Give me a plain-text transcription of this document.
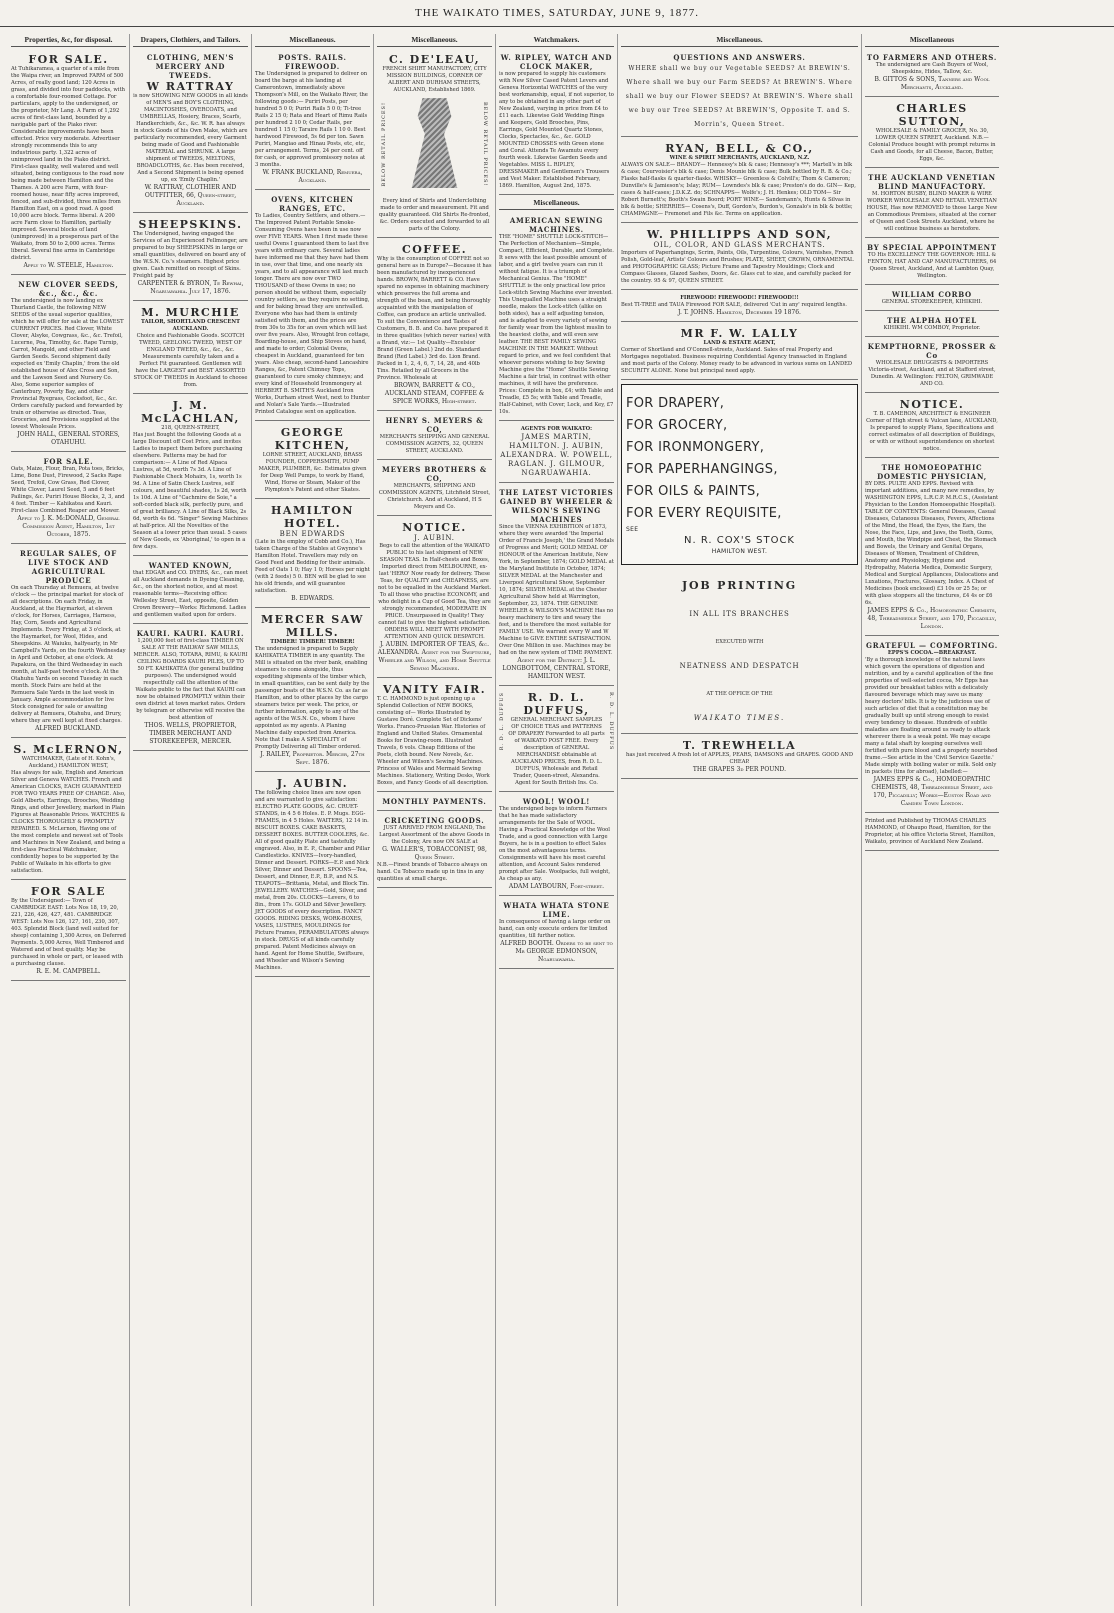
THE WAIKATO TIMES, SATURDAY, JUNE 9, 1877.
Properties, &c, for disposal.
FOR SALE.
At Tuhikaramea, a quarter of a mile from the Waipa river, an Improved FARM of 500 Acres, of really good land; 120 Acres in grass, and divided into four paddocks, with a comfortable four-roomed Cottage. For particulars, apply to the undersigned, or the proprietor, Mr Lang. A Farm of 1,292 acres of first-class land, bounded by a navigable part of the Piako river. Considerable improvements have been effected. Price very moderate. Advertiser strongly recommends this to any industrious party. 1,322 acres of unimproved land in the Piako district. First-class quality, well watered and well situated, being contiguous to the road now being made between Hamilton and the Thames. A 200 acre Farm, with four-roomed house, near fifty acres improved, fenced, and sub-divided, three miles from Hamilton East, on a good road. A good 10,000 acre block. Terms liberal. A 200 acre Farm close to Hamilton, partially improved. Several blocks of land (unimproved) in a prosperous part of the Waikato, from 50 to 2,000 acres. Terms liberal. Several fine arms in Cambridge district.
Apply to W. STEELE, Hamilton.
NEW CLOVER SEEDS, &c., &c., &c.
The undersigned is now landing ex Thurland Castle, the following NEW SEEDS of the usual superior qualities, which he will offer for sale at the LOWEST CURRENT PRICES. Red Clover, White Clover, Alsyke, Cowgrass, &c., &c. Trefoil, Lucerne, Poa, Timothy, &c. Rape Turnip, Carrot, Mangold, and other Field and Garden Seeds. Second shipment daily expected ex 'Emily Chaplin,' from the old established house of Alex Cross and Son, and the Lawson Seed and Nursery Co. Also, Some superior samples of Canterbury, Poverty Bay, and other Provincial Ryegrass, Cocksfoot, &c., &c. Orders carefully packed and forwarded by train or otherwise as directed. Teas, Groceries, and Provisions supplied at the lowest Wholesale Prices.
JOHN HALL, GENERAL STORES, OTAHUHU.
FOR SALE.
Oats, Maize, Flour, Bran, Pota toes, Bricks, Lime, Bone Dust, Firewood, 2 Sacks Rape Seed, Trefoil, Cow Grass, Red Clover, White Clover, Laurel Seed, 5 and 6 feet Pailings, &c. Puriri House Blocks, 2, 3, and 4 feet. Timber — Kahikatea and Kauri. First-class Combined Reaper and Mower.
Apply to J. K. McDONALD, General Commission Agent, Hamilton, 1st October, 1875.
REGULAR SALES, OF LIVE STOCK AND AGRICULTURAL PRODUCE
On each Thursday at Remuera, at twelve o'clock — the principal market for stock of all descriptions. On each Friday, in Auckland, at the Haymarket, at eleven o'clock, for Horses, Carriages, Harness, Hay, Corn, Seeds and Agricultural Implements. Every Friday, at 3 o'clock, at the Haymarket, for Wool, Hides, and Sheepskins. At Waiuku, halfyearly, in Mr Campbell's Yards, on the fourth Wednesday in April and October, at one o'clock. At Papakura, on the third Wednesday in each month, at half-past twelve o'clock. At the Otahuhu Yards on second Tuesday in each month. Stock Fairs are held at the Remuera Sale Yards in the last week in January. Ample accommodation for live Stock consigned for sale or awaiting delivery at Remuera, Otahuhu, and Drury, where they are well kept at fixed charges.
ALFRED BUCKLAND.
S. McLERNON,
WATCHMAKER, (Late of H. Kohn's, Auckland,) HAMILTON WEST,
Has always for sale, English and American Silver and Geneva WATCHES. French and American CLOCKS, EACH GUARANTEED FOR TWO YEARS FREE OF CHARGE. Also, Gold Alberts, Earrings, Brooches, Wedding Rings, and other Jewellery, marked in Plain Figures at Reasonable Prices. WATCHES & CLOCKS THOROUGHLY & PROMPTLY REPAIRED. S. McLernon, Having one of the most complete and newest set of Tools and Machines in New Zealand, and being a first-class Practical Watchmaker, confidently hopes to be supported by the Public of Waikato in his efforts to give satisfaction.
FOR SALE
By the Undersigned:— Town of CAMBRIDGE EAST: Lots Nos 18, 19, 20, 221, 226, 426, 427, 481. CAMBRIDGE WEST: Lots Nos 126, 127, 161, 230, 307, 403. Splendid Block (land well suited for sheep) containing 1,300 Acres, on Deferred Payments. 5,000 Acres, Well Timbered and Watered and of best quality. May be purchased in whole or part, or leased with a purchasing clause.
R. E. M. CAMPBELL.
Drapers, Clothiers, and Tailors.
CLOTHING, MEN'S MERCERY AND TWEEDS.
W RATTRAY
is now SHOWING NEW GOODS in all kinds of MEN'S and BOY'S CLOTHING, MACINTOSHES, OVERCOATS, and UMBRELLAS, Hosiery, Braces, Scarfs, Handkerchiefs, &c., &c. W. R. has always in stock Goods of his Own Make, which are particularly recommended, every Garment being made of Good and Fashionable MATERIAL and SHRUNK. A large shipment of TWEEDS, MELTONS, BROADCLOTHS, &c. Has been received, And a Second Shipment is being opened up, ex 'Emily Chaplin.'
W. RATTRAY, CLOTHIER AND OUTFITTER, 66, Queen-street, Auckland.
SHEEPSKINS.
The Undersigned, having engaged the Services of an Experienced Fellmonger, are prepared to buy SHEEPSKINS in large or small quantities, delivered on board any of the W.S.N. Co.'s steamers. Highest price given. Cash remitted on receipt of Skins. Freight paid by
CARPENTER & BYRON, Te Rewhai, Ngaruawahia. July 17, 1876.
M. MURCHIE
TAILOR, SHORTLAND CRESCENT AUCKLAND.
Choice and Fashionable Goods. SCOTCH TWEED, GEELONG TWEED, WEST OF ENGLAND TWEED, &c., &c., &c. Measurements carefully taken and a Perfect Fit guaranteed. Gentlemen will have the LARGEST and BEST ASSORTED STOCK OF TWEEDS in Auckland to choose from.
J. M. McLACHLAN,
218, QUEEN-STREET,
Has just Bought the following Goods at a large Discount off Cost Price, and invites Ladies to inspect them before purchasing elsewhere. Patterns may be had for comparison:— A Line of Red Alpaca Lustres, at 5d, worth 7s 3d. A Line of Fashionable Check Mohairs, 1s, worth 1s 9d. A Line of Satin Check Lustres, self colours, and beautiful shades, 1s 2d, worth 1s 10d. A Line of "Cachmire de Soie," a soft-corded black silk, perfectly pure, and of great brilliancy. A Line of Black Silks, 2s 6d, worth 4s 6d. "Singer" Sewing Machines at half-price. All the Novelties of the Season at a lower price than usual. 5 cases of New Goods, ex 'Aboriginal,' to open in a few days.
WANTED KNOWN,
that EDGAR and CO. DYERS, &c., can meet all Auckland demands in Dyeing Cleaning, &c., on the shortest notice, and at most reasonable terms—Receiving office: Wellesley Street, East, opposite, Golden Crown Brewery—Works: Richmond. Ladies and gentlemen waited upon for orders.
KAURI. KAURI. KAURI.
1,200,000 feet of first-class TIMBER ON SALE AT THE RAILWAY SAW MILLS, MERCER. ALSO, TOTARA, RIMU, & KAURI CEILING BOARDS KAURI PILES, UP TO 50 FT. KAHIKATEA (for general building purposes). The undersigned would respectfully call the attention of the Waikato public to the fact that KAURI can now be obtained PROMPTLY within their own district at town market rates. Orders by telegram or otherwise will receive the best attention of
THOS. WELLS, PROPRIETOR, TIMBER MERCHANT AND STOREKEEPER, MERCER.
Miscellaneous.
POSTS. RAILS. FIREWOOD.
The Undersigned is prepared to deliver on board the barge at his landing at Camerontown, immediately above Thompson's Mill, on the Waikato River, the following goods:— Puriri Posts, per hundred 5 0 0; Puriri Rails 5 0 0; Ti-tree Rails 2 15 0; Rata and Heart of Rimu Rails per hundred 2 10 0; Cedar Rails, per hundred 1 15 0; Taraire Rails 1 10 0. Best hardwood Firewood, 5s 6d per ton. Sawn Puriri, Mangiao and Hinau Posts, etc, etc, per arrangement. Terms, 24 per cent. off for cash, or approved promissory notes at 3 months.
W. FRANK BUCKLAND, Remuera, Auckland.
OVENS, KITCHEN RANGES, ETC.
To Ladies, Country Settlers, and others.—The Improved Patent Portable Smoke-Consuming Ovens have been in use now over FIVE YEARS. When I first made these useful Ovens I guaranteed them to last five years with ordinary care. Several ladies have informed me that they have had them in use, over that time, and one nearly six years, and to all appearance will last much longer. There are now over TWO THOUSAND of these Ovens in use; no person should be without them, especially country settlers, as they require no setting, and for baking bread they are unrivalled. Everyone who has had them is entirely satisfied with them, and the prices are from 30s to 35s for an oven which will last over five years. Also, Wrought Iron cottage, Boarding-house, and Ship Stoves on hand, and made to order; Colonial Ovens, cheapest in Auckland, guaranteed for ten years. Also cheap, second-hand Lancashire Ranges, &c, Patent Chimney Tops, guaranteed to cure smoky chimneys; and every kind of Household Ironmongery at HERBERT B. SMITH'S Auckland Iron Works, Durham street West, next to Hunter and Nolan's Sale Yards.—Illustrated Printed Catalogue sent on application.
GEORGE KITCHEN,
LORNE STREET, AUCKLAND, BRASS FOUNDER, COPPERSMITH, PUMP MAKER, PLUMBER, &c. Estimates given for Deep Well Pumps, to work by Hand, Wind, Horse or Steam, Maker of the Plympton's Patent and other Skates.
HAMILTON HOTEL.
BEN EDWARDS
(Late in the employ of Cobb and Co.), Has taken Charge of the Stables at Gwynne's Hamilton Hotel. Travellers may rely on Good Feed and Bedding for their animals. Feed of Oats 1 0; Hay 1 0; Horses per night (with 2 feeds) 5 0. BEN will be glad to see his old friends, and will guarantee satisfaction.
B. EDWARDS.
MERCER SAW MILLS.
TIMBER! TIMBER! TIMBER!
The undersigned is prepared to Supply KAHIKATEA TIMBER in any quantity. The Mill is situated on the river bank, enabling steamers to come alongside, thus expediting shipments of the timber which, in small quantities, can be sent daily by the passenger boats of the W.S.N. Co. as far as Hamilton, and to other places by the cargo steamers twice per week. The price, or further information, apply to any of the agents of the W.S.N. Co., whom I have appointed as my agents. A Planing Machine daily expected from America. Note that I make A SPECIALITY of Promptly Delivering all Timber ordered.
J. RAILEY, Proprietor. Mercer, 27th Sept. 1876.
J. AUBIN.
The following choice lines are now open and are warranted to give satisfaction: ELECTRO PLATE GOODS, &C. CRUET-STANDS, in 4 5 6 Holes. E. P. Mugs. EGG-FRAMES, in 4 5 Holes. WAITERS, 12 14 in. BISCUIT BOXES. CAKE BASKETS, DESSERT BOXES. BUTTER COOLERS, &c. All of good quality Plate and tastefully engraved. Also, in E. P., Chamber and Pillar Candlesticks. KNIVES—Ivory-handled, Dinner and Dessert. FORKS—E.P. and Nick Silver, Dinner and Dessert. SPOONS—Tea, Dessert, and Dinner, E.P., B.P., and N.S. TEAPOTS—Brittania, Metal, and Block Tin. JEWELLERY. WATCHES—Gold, Silver, and metal, from 20s. CLOCKS—Levers, 6 to 8in., from 17s. GOLD and Silver Jewellery. JET GOODS of every description. FANCY GOODS. RIDING DESKS, WORK-BOXES, VASES, LUSTRES, MOULDINGS for Picture Frames, PERAMBULATORS always in stock. DRUGS of all kinds carefully prepared. Patent Medicines always on hand. Agent for Home Shuttle, Swiftsure, and Wheeler and Wilson's Sewing Machines.
Miscellaneous.
C. DE'LEAU,
FRENCH SHIRT MANUFACTORY, CITY MISSION BUILDINGS, CORNER OF ALBERT AND DURHAM STREETS, AUCKLAND, Established 1869.
BELOW RETAIL PRICES!	BELOW RETAIL PRICES!
Every kind of Shirts and Underclothing made to order and measurement. Fit and quality guaranteed. Old Shirts Re-fronted, &c. Orders executed and forwarded to all parts of the Colony.
COFFEE.
Why is the consumption of COFFEE not so general here as in Europe?—Because it has been manufactured by inexperienced hands. BROWN, BARRETT & CO. Have spared no expense in obtaining machinery which preserves the full aroma and strength of the bean, and being thoroughly acquainted with the manipulation of Coffee, can produce an article unrivalled. To suit the Convenience and Tastes of Customers, B. B. and Co. have prepared it in three qualities (which never varies) with a Brand, viz:— 1st Quality—Excelsior Brand (Green Label.) 2nd do. Standard Brand (Red Label.) 3rd do. Lion Brand. Packed in 1, 2, 4, 6, 7, 14, 28, and 40lb Tins. Retailed by all Grocers in the Province. Wholesale at
BROWN, BARRETT & CO., AUCKLAND STEAM, COFFEE & SPICE WORKS, High-street.
HENRY S. MEYERS & CO,
MERCHANTS SHIPPING AND GENERAL COMMISSION AGENTS, 32, QUEEN STREET, AUCKLAND.
MEYERS BROTHERS & CO,
MERCHANTS, SHIPPING AND COMMISSION AGENTS, Litchfield Street, Christchurch. And at Auckland, H S Meyers and Co.
NOTICE.
J. AUBIN.
Begs to call the attention of the WAIKATO PUBLIC to his last shipment of NEW SEASON TEAS. In Half-chests and Boxes, Imported direct from MELBOURNE, ex-last 'HERO' Now ready for delivery. These Teas, for QUALITY and CHEAPNESS, are not to be equalled in the Auckland Market. To all those who practise ECONOMY, and who delight in a Cup of Good Tea, they are strongly recommended, MODERATE IN PRICE. Unsurpassed in Quality! They cannot fail to give the highest satisfaction. ORDERS WILL MEET WITH PROMPT ATTENTION AND QUICK DESPATCH.
J. AUBIN. IMPORTER OF TEAS, &c. ALEXANDRA. Agent for the Swiftsure, Wheeler and Wilson, and Home Shuttle Sewing Machines.
VANITY FAIR.
T. C. HAMMOND is just opening up a Splendid Collection of NEW BOOKS, consisting of— Works Illustrated by Gustave Doré. Complete Set of Dickens' Works. Franco-Prussian War. Histories of England and United States. Ornamental Books for Drawing-room. Illustrated Travels, 6 vols. Cheap Editions of the Poets, cloth bound. New Novels, &c. Wheeler and Wilson's Sewing Machines. Princess of Wales and Mermaid Sewing Machines. Stationery, Writing Desks, Work Boxes, and Fancy Goods of all description.
MONTHLY PAYMENTS.
CRICKETING GOODS.
JUST ARRIVED FROM ENGLAND, The Largest Assortment of the above Goods in the Colony, Are now ON SALE at
G. WALLER'S, TOBACCONIST, 98, Queen Street.
N.B.—Finest brands of Tobacco always on hand. Cu Tobacco made up in tins in any quantities at small charge.
Watchmakers.
W. RIPLEY, WATCH AND CLOCK MAKER,
is now prepared to supply his customers with New Silver Cased Patent Levers and Geneva Horizontal WATCHES of the very best workmanship, equal, if not superior, to any to be obtained in any other part of New Zealand, varying in price from £4 to £11 each. Likewise Gold Wedding Rings and Keepers, Gold Brooches, Pins, Earrings, Gold Mounted Quartz Stones, Clocks, Spectacles, &c., &c. GOLD MOUNTED CROSSES with Green stone and Coral. Attends Te Awamutu every fourth week. Likewise Garden Seeds and Vegetables. MISS L. RIPLEY, DRESSMAKER and Gentlemen's Trousers and Vest Maker. Established February, 1869. Hamilton, August 2nd, 1875.
Miscellaneous.
AMERICAN SEWING MACHINES.
THE "HOME" SHUTTLE LOCK-STITCH—The Perfection of Mechanism—Simple, Compact, Efficient, Durable, and Complete. It sews with the least possible amount of labor, and a girl twelve years can run it without fatigue. It is a triumph of Mechanical Genius. The "HOME" SHUTTLE is the only practical low price Lock-stitch Sewing Machine ever invented. This Unequalled Machine uses a straight needle, makes the Lock-stitch (alike on both sides), has a self adjusting tension, and is adapted to every variety of sewing for family wear from the lightest muslin to the heaviest cloths, and will even sew leather. THE BEST FAMILY SEWING MACHINE IN THE MARKET. Without regard to price, and we feel confident that whoever persons wishing to buy Sewing Machine give the "Home" Shuttle Sewing Machine a fair trial, in contrast with other machines, it will have the preference. Prices: Complete in box, £4; with Table and Treadle, £5 5s; with Table and Treadle, Half-Cabinet, with Cover, Lock, and Key, £7 10s.
AGENTS FOR WAIKATO:
JAMES MARTIN, HAMILTON. J. AUBIN, ALEXANDRA. W. POWELL, RAGLAN. J. GILMOUR, NGARUAWAHIA.
THE LATEST VICTORIES GAINED BY WHEELER & WILSON'S SEWING MACHINES
Since the VIENNA EXHIBITION of 1873, where they were awarded 'the Imperial Order of Francis Joseph,' the Grand Medals of Progress and Merit; GOLD MEDAL OF HONOUR of the American Institute, New York, in September, 1874; GOLD MEDAL at the Maryland Institute in October, 1874; SILVER MEDAL at the Manchester and Liverpool Agricultural Show, September 10, 1874; SILVER MEDAL at the Chester Agricultural Show held at Warrington, September, 23, 1874. THE GENUINE WHEELER & WILSON'S MACHINE Has no heavy machinery to tire and weary the feet, and is therefore the most suitable for FAMILY USE. We warrant every W and W Machine to GIVE ENTIRE SATISFACTION. Over One Million in use. Machines may be had on the new system of TIME PAYMENT.
Agent for the District: J. L. LONGBOTTOM, CENTRAL STORE, HAMILTON WEST.
R. D. L. DUFFUS	R. D. L. DUFFUS,
GENERAL MERCHANT. SAMPLES OF CHOICE TEAS and PATTERNS OF DRAPERY Forwarded to all parts of WAIKATO POST FREE. Every description of GENERAL MERCHANDISE obtainable at AUCKLAND PRICES, from R. D. L. DUFFUS, Wholesale and Retail Trader, Queen-street, Alexandra. Agent for South British Ins. Co.
R. D. L. DUFFUS
WOOL! WOOL!
The undersigned begs to inform Farmers that he has made satisfactory arrangements for the Sale of WOOL. Having a Practical Knowledge of the Wool Trade, and a good connection with Large Buyers, he is in a position to effect Sales on the most advantageous terms. Consignments will have his most careful attention, and Account Sales rendered prompt after Sale. Woolpacks, full weight, As cheap as any.
ADAM LAYBOURN, Fort-street.
WHATA WHATA STONE LIME.
In consequence of having a large order on hand, can only execute orders for limited quantities, till further notice.
ALFRED BOOTH. Orders to be sent to Mr GEORGE EDMONSON, Ngaruawahia.
Miscellaneous.
QUESTIONS AND ANSWERS.
WHERE shall we buy our Vegetable SEEDS? At BREWIN'S. Where shall we buy our Farm SEEDS? At BREWIN'S. Where shall we buy our Flower SEEDS? At BREWIN'S. Where shall we buy our Tree SEEDS? At BREWIN'S, Opposite T. and S. Morrin's, Queen Street.
RYAN, BELL, & CO.,
WINE & SPIRIT MERCHANTS, AUCKLAND, N.Z.
ALWAYS ON SALE— BRANDY— Hennessy's blk & case; Hennessy's ***; Martell's in blk & case; Courvoisier's blk & case; Denis Mounie blk & case; Bulk bottled by R. B. & Co.; Flasks half-flasks & quarter-flasks. WHISKY— Greenless & Colvill's; Thom & Cameron; Dunville's & Jamieson's; Islay; RUM— Lowndes's blk & case; Preston's do do. GIN— Kep, cases & half-cases; J.D.K.Z. do; SCHNAPPS— Wolfe's; J. H. Henkes; OLD TOM— Sir Robert Burnett's; Booth's Swain Boord; PORT WINE— Sandemann's, Hunts & Silvas in blk & bottle; SHERRIES— Cosens's, Duff, Gordon's, Burdon's, Gonzalo's in blk & bottle; CHAMPAGNE— Fremonet and Fils &c. Terms on application.
W. PHILLIPPS AND SON,
OIL, COLOR, AND GLASS MERCHANTS.
Importers of Paperhangings, Scrim, Paints, Oils, Turpentine, Colours, Varnishes, French Polish, Gold-leaf, Artists' Colours and Brushes; PLATE, SHEET, CROWN, ORNAMENTAL and PHOTOGRAPHIC GLASS; Picture Frame and Tapestry Mouldings; Clock and Compass Glasses, Glazed Sashes, Doors, &c. Glass cut to size, and carefully packed for the country. 95 & 97, QUEEN STREET.
FIREWOOD! FIREWOOD!! FIREWOOD!!!
Best TI-TREE and TAUA Firewood FOR SALE, delivered 'Cut in any' required lengths.
J. T. JOHNS. Hamilton, December 19 1876.
MR F. W. LALLY
LAND & ESTATE AGENT,
Corner of Shortland and O'Connell-streets, Auckland. Sales of real Property and Mortgages negotiated. Business requiring Confidential Agency transacted in England and most parts of the Colony. Money ready to be advanced in various sums on LANDED SECURITY ALONE. None but principal need apply.
FOR DRAPERY,
FOR GROCERY,
FOR IRONMONGERY,
FOR PAPERHANGINGS,
FOR OILS & PAINTS,
FOR EVERY REQUISITE,
SEE
N. R. COX'S STOCK
HAMILTON WEST.
JOB PRINTING
IN ALL ITS BRANCHES
EXECUTED WITH
NEATNESS AND DESPATCH
AT THE OFFICE OF THE
WAIKATO TIMES.
T. TREWHELLA
has just received A fresh lot of APPLES, PEARS, DAMSONS and GRAPES. GOOD AND CHEAP.
THE GRAPES 3d PER POUND.
Miscellaneous
TO FARMERS AND OTHERS.
The undersigned are Cash Buyers of Wool, Sheepskins, Hides, Tallow, &c.
B. GITTOS & SONS, Tanners and Wool Merchants, Auckland.
CHARLES SUTTON,
WHOLESALE & FAMILY GROCER, No. 30, LOWER QUEEN STREET, Auckland. N.B.—Colonial Produce bought with prompt returns in Cash and Goods, for all Cheese, Bacon, Butter, Eggs, &c.
THE AUCKLAND VENETIAN BLIND MANUFACTORY.
M. HORTON BUSBY, BLIND MAKER & WIRE WORKER WHOLESALE AND RETAIL VENETIAN HOUSE, Has now REMOVED to those Large New an Commodious Premises, situated at the corner of Queen and Cook Streets Auckland, where he will continue business as heretofore.
BY SPECIAL APPOINTMENT
TO His EXCELLENCY THE GOVERNOR: HILL & FENTON, HAT AND CAP MANUFACTURERS, 64 Queen Street, Auckland, And at Lambton Quay, Wellington.
WILLIAM CORBO
GENERAL STOREKEEPER, KIHIKIHI.
THE ALPHA HOTEL
KIHIKIHI. WM COMBOY, Proprietor.
KEMPTHORNE, PROSSER & Co
WHOLESALE DRUGGISTS & IMPORTERS Victoria-street, Auckland, and at Stafford street, Dunedin. At Wellington: FELTON, GRIMWADE AND CO.
NOTICE.
T. B. CAMERON, ARCHITECT & ENGINEER Corner of High street & Vulcan lane, AUCKLAND, Is prepared to supply Plans, Specifications and correct estimates of all description of Buildings, or with or without superintendence on shortest notice.
THE HOMOEOPATHIC DOMESTIC PHYSICIAN,
BY DRS. PULTE AND EPPS. Revised with important additions, and many new remedies, by WASHINGTON EPPS, L.R.C.P. M.R.C.S., (Assistant Physician to the London Homoeopathic Hospital). TABLE OF CONTENTS: General Diseases, Casual Diseases, Cutaneous Diseases, Fevers, Affections of the Mind, the Head, the Eyes, the Ears, the Nose, the Face, Lips, and Jaws, the Teeth, Gums, and Mouth, the Windpipe and Chest, the Stomach and Bowels, the Urinary and Genital Organs, Diseases of Women, Treatment of Children, Anatomy and Physiology, Hygiene and Hydropathy, Materia Medica, Domestic Surgery, Medical and Surgical Appliances, Dislocations and Luxations, Fractures, Glossary, Index. A Chest of Medicines (book enclosed) £3 10s or 25 5s; or with glass stoppers all the tinctures, £4 4s or £6 6s.
JAMES EPPS & Co., Homoeopathic Chemists, 48, Threadneedle Street, and 170, Piccadilly, London.
GRATEFUL — COMFORTING.
EPPS'S COCOA.—BREAKFAST.
'By a thorough knowledge of the natural laws which govern the operations of digestion and nutrition, and by a careful application of the fine properties of well-selected cocoa, Mr Epps has provided our breakfast tables with a delicately flavoured beverage which may save us many heavy doctors' bills. It is by the judicious use of such articles of diet that a constitution may be gradually built up until strong enough to resist every tendency to disease. Hundreds of subtle maladies are floating around us ready to attack wherever there is a weak point. We may escape many a fatal shaft by keeping ourselves well fortified with pure blood and a properly nourished frame.—See article in the 'Civil Service Gazette.' Made simply with boiling water or milk. Sold only in packets (tins for abroad), labelled:—
JAMES EPPS & Co., HOMOEOPATHIC CHEMISTS, 48, Threadneedle Street, and 170, Piccadilly; Works—Euston Road and Camden Town London.
Printed and Published by THOMAS CHARLES HAMMOND, of Ohaupo Road, Hamilton, for the Proprietor, at his office Victoria Street, Hamilton, Waikato, province of Auckland New Zealand.
